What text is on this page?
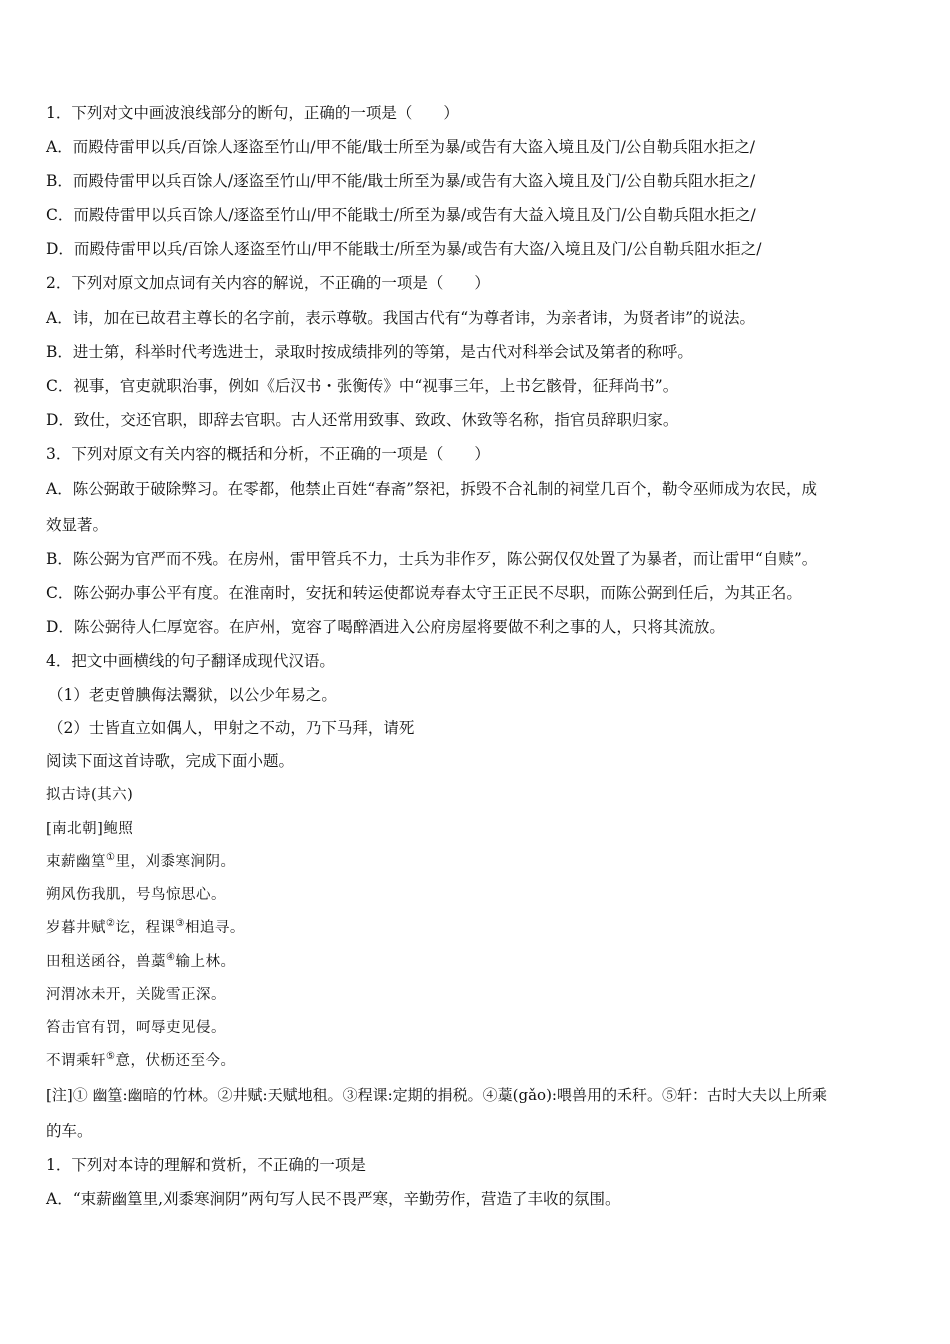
1．下列对文中画波浪线部分的断句，正确的一项是（　　）
A．而殿侍雷甲以兵/百馀人逐盗至竹山/甲不能/戢士所至为暴/或告有大盗入境且及门/公自勒兵阻水拒之/
B．而殿侍雷甲以兵百馀人/逐盗至竹山/甲不能/戢士所至为暴/或告有大盗入境且及门/公自勒兵阻水拒之/
C．而殿侍雷甲以兵百馀人/逐盗至竹山/甲不能戢士/所至为暴/或告有大益入境且及门/公自勒兵阻水拒之/
D．而殿侍雷甲以兵/百馀人逐盗至竹山/甲不能戢士/所至为暴/或告有大盗/入境且及门/公自勒兵阻水拒之/
2．下列对原文加点词有关内容的解说，不正确的一项是（　　）
A．讳，加在已故君主尊长的名字前，表示尊敬。我国古代有“为尊者讳，为亲者讳，为贤者讳”的说法。
B．进士第，科举时代考选进士，录取时按成绩排列的等第，是古代对科举会试及第者的称呼。
C．视事，官吏就职治事，例如《后汉书・张衡传》中“视事三年，上书乞骸骨，征拜尚书”。
D．致仕，交还官职，即辞去官职。古人还常用致事、致政、休致等名称，指官员辞职归家。
3．下列对原文有关内容的概括和分析，不正确的一项是（　　）
A．陈公弼敢于破除弊习。在零都，他禁止百姓“春斋”祭祀，拆毁不合礼制的祠堂几百个，勒令巫师成为农民，成
效显著。
B．陈公弼为官严而不残。在房州，雷甲管兵不力，士兵为非作歹，陈公弼仅仅处置了为暴者，而让雷甲“自赎”。
C．陈公弼办事公平有度。在淮南时，安抚和转运使都说寿春太守王正民不尽职，而陈公弼到任后，为其正名。
D．陈公弼待人仁厚宽容。在庐州，宽容了喝醉酒进入公府房屋将要做不利之事的人，只将其流放。
4．把文中画横线的句子翻译成现代汉语。
（1）老吏曾腆侮法鬻狱，以公少年易之。
（2）士皆直立如偶人，甲射之不动，乃下马拜，请死
阅读下面这首诗歌，完成下面小题。
拟古诗(其六)
[南北朝]鲍照
束薪幽篁①里，刈黍寒涧阴。
朔风伤我肌，号鸟惊思心。
岁暮井赋②讫，程课③相追寻。
田租送函谷，兽藁④输上林。
河渭冰未开，关陇雪正深。
笞击官有罚，呵辱吏见侵。
不谓乘轩⑤意，伏枥还至今。
[注]① 幽篁:幽暗的竹林。②井赋:天赋地租。③程课:定期的捐税。④藁(gǎo):喂兽用的禾秆。⑤轩：古时大夫以上所乘
的车。
1．下列对本诗的理解和赏析，不正确的一项是
A．“束薪幽篁里,刈黍寒涧阴”两句写人民不畏严寒，辛勤劳作，营造了丰收的氛围。
